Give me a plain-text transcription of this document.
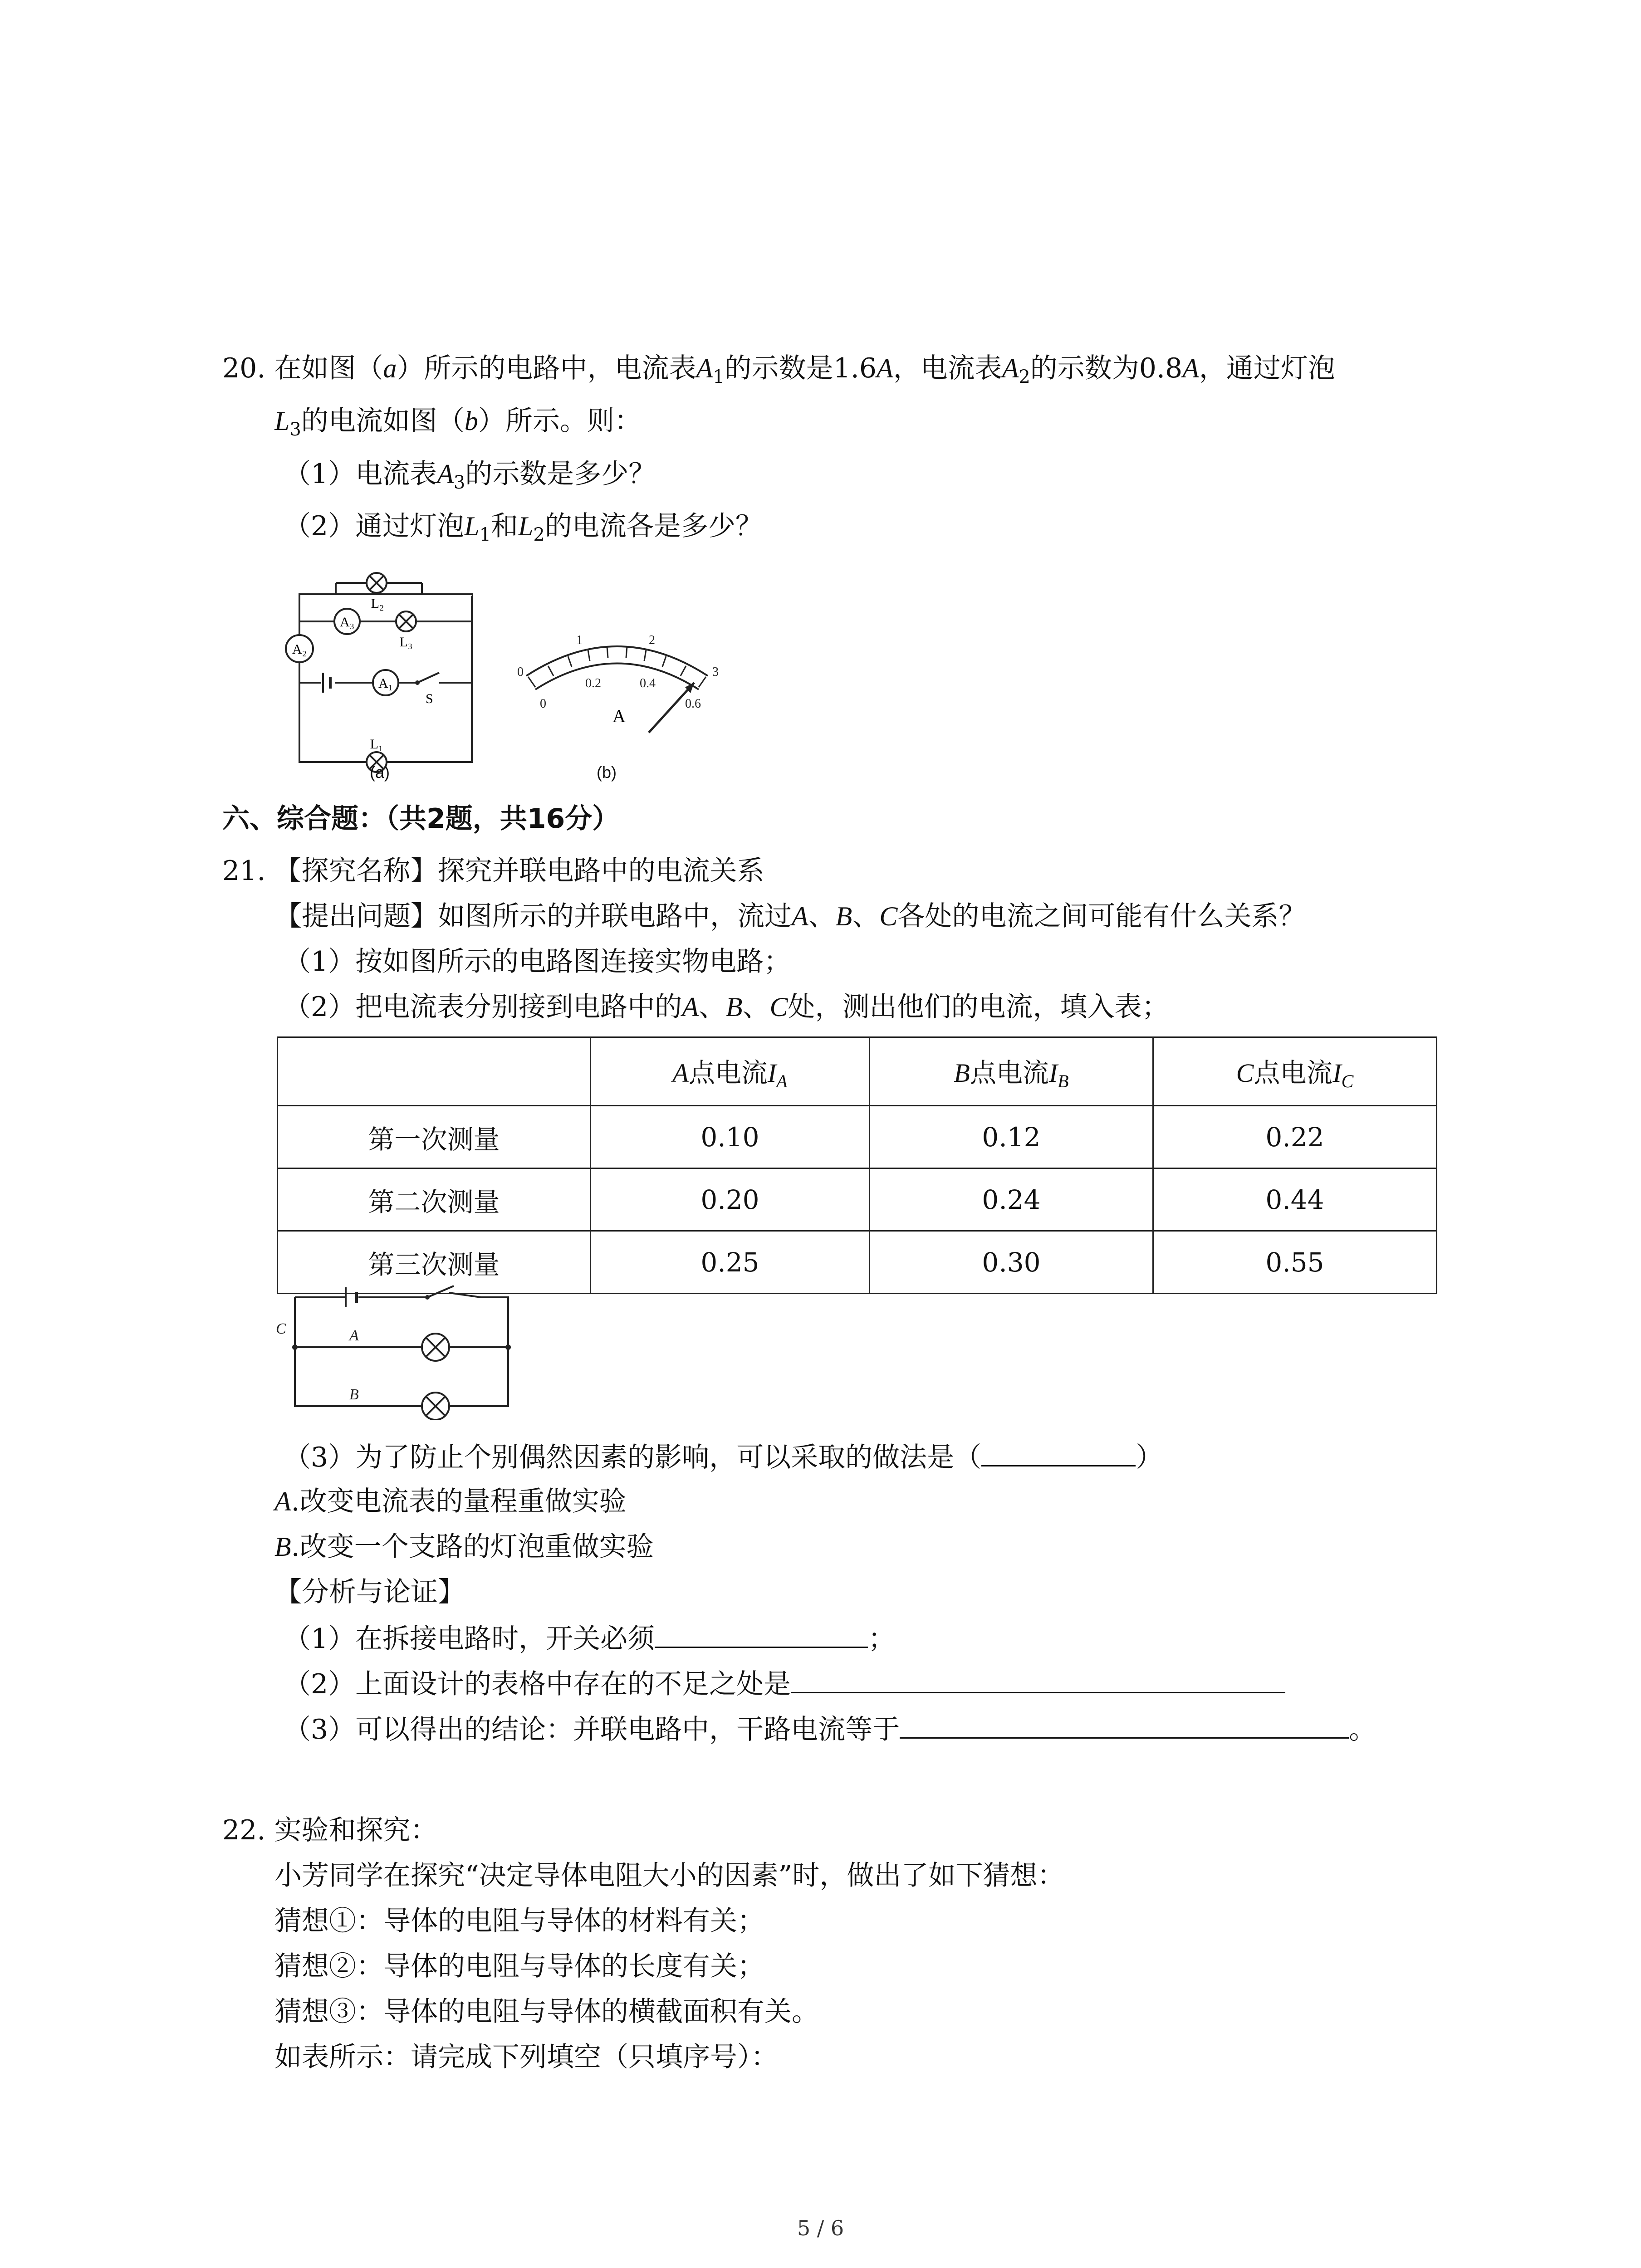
20. 在如图（a）所示的电路中，电流表$A_1$的示数是1.6A，电流表$A_2$的示数为0.8A，通过灯泡
$L_3$的电流如图（b）所示。则：
（1）电流表$A_3$的示数是多少？
（2）通过灯泡$L_1$和$L_2$的电流各是多少？
A₃
L₂
L₃
A₂
A₁
S
L₁
(a)
0
1	2
3
0
0.2	0.4
0.6
A
(b)
六、综合题：（共2题，共16分）
21. 【探究名称】探究并联电路中的电流关系
【提出问题】如图所示的并联电路中，流过A、B、C各处的电流之间可能有什么关系？
（1）按如图所示的电路图连接实物电路；
（2）把电流表分别接到电路中的A、B、C处，测出他们的电流，填入表；
	A点电流$I_A$	B点电流$I_B$	C点电流$I_C$
第一次测量	0.10	0.12	0.22
第二次测量	0.20	0.24	0.44
第三次测量	0.25	0.30	0.55
C	A
B
（3）为了防止个别偶然因素的影响，可以采取的做法是（	）
A.改变电流表的量程重做实验
B.改变一个支路的灯泡重做实验
【分析与论证】
（1）在拆接电路时，开关必须	；
（2）上面设计的表格中存在的不足之处是
（3）可以得出的结论：并联电路中，干路电流等于	。
22. 实验和探究：
小芳同学在探究“决定导体电阻大小的因素”时，做出了如下猜想：
猜想①：导体的电阻与导体的材料有关；
猜想②：导体的电阻与导体的长度有关；
猜想③：导体的电阻与导体的横截面积有关。
如表所示：请完成下列填空（只填序号）：
5 / 6
